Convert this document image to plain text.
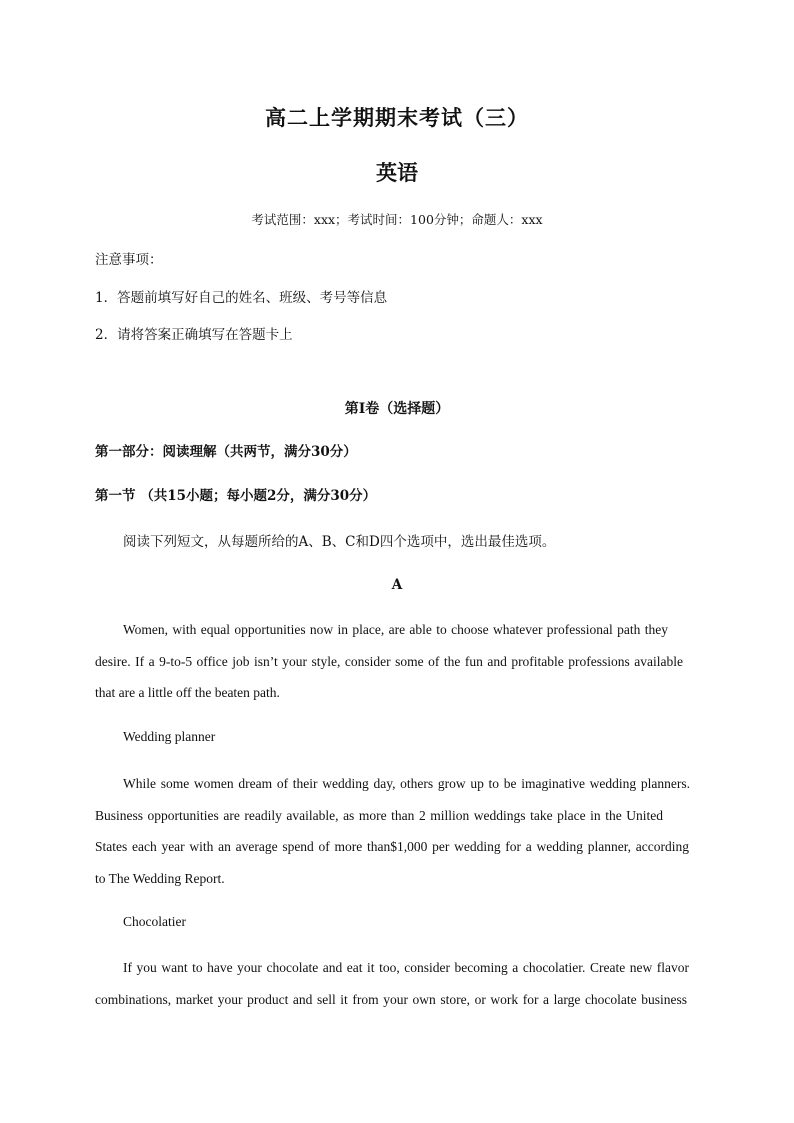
高二上学期期末考试（三）
英语
考试范围：xxx；考试时间：100分钟；命题人：xxx
注意事项：
1．答题前填写好自己的姓名、班级、考号等信息
2．请将答案正确填写在答题卡上
第I卷（选择题）
第一部分：阅读理解（共两节，满分30分）
第一节 （共15小题；每小题2分，满分30分）
阅读下列短文，从每题所给的A、B、C和D四个选项中，选出最佳选项。
A
Women, with equal opportunities now in place, are able to choose whatever professional path they
desire. If a 9-to-5 office job isn’t your style, consider some of the fun and profitable professions available
that are a little off the beaten path.
Wedding planner
While some women dream of their wedding day, others grow up to be imaginative wedding planners.
Business opportunities are readily available, as more than 2 million weddings take place in the United
States each year with an average spend of more than$1,000 per wedding for a wedding planner, according
to The Wedding Report.
Chocolatier
If you want to have your chocolate and eat it too, consider becoming a chocolatier. Create new flavor
combinations, market your product and sell it from your own store, or work for a large chocolate business
